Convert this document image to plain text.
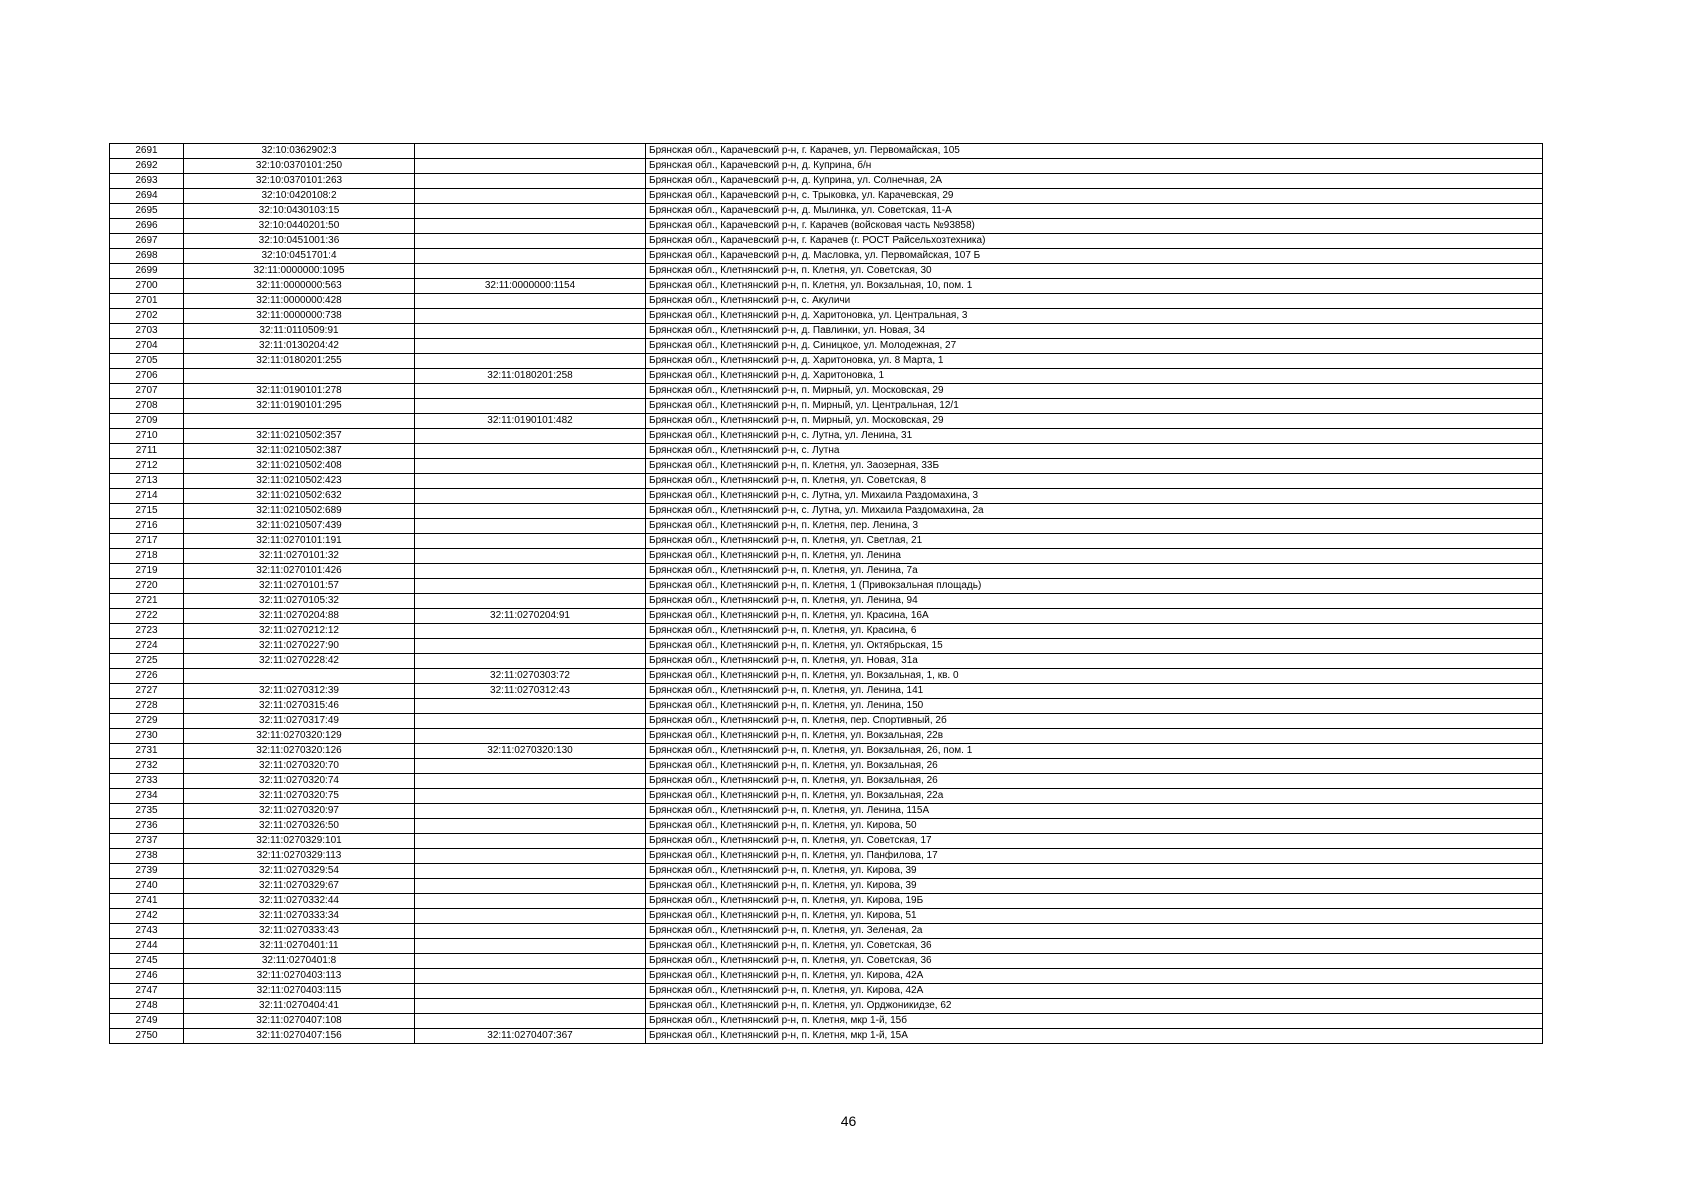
2691	32:10:0362902:3		Брянская обл., Карачевский р-н, г. Карачев, ул. Первомайская, 105
2692	32:10:0370101:250		Брянская обл., Карачевский р-н, д. Куприна, б/н
2693	32:10:0370101:263		Брянская обл., Карачевский р-н, д. Куприна, ул. Солнечная, 2А
2694	32:10:0420108:2		Брянская обл., Карачевский р-н, с. Трыковка, ул. Карачевская, 29
2695	32:10:0430103:15		Брянская обл., Карачевский р-н, д. Мылинка, ул. Советская, 11-А
2696	32:10:0440201:50		Брянская обл., Карачевский р-н, г. Карачев (войсковая часть №93858)
2697	32:10:0451001:36		Брянская обл., Карачевский р-н, г. Карачев (г. РОСТ Райсельхозтехника)
2698	32:10:0451701:4		Брянская обл., Карачевский р-н, д. Масловка, ул. Первомайская, 107 Б
2699	32:11:0000000:1095		Брянская обл., Клетнянский р-н, п. Клетня, ул. Советская, 30
2700	32:11:0000000:563	32:11:0000000:1154	Брянская обл., Клетнянский р-н, п. Клетня, ул. Вокзальная, 10, пом. 1
2701	32:11:0000000:428		Брянская обл., Клетнянский р-н, с. Акуличи
2702	32:11:0000000:738		Брянская обл., Клетнянский р-н, д. Харитоновка, ул. Центральная, 3
2703	32:11:0110509:91		Брянская обл., Клетнянский р-н, д. Павлинки, ул. Новая, 34
2704	32:11:0130204:42		Брянская обл., Клетнянский р-н, д. Синицкое, ул. Молодежная, 27
2705	32:11:0180201:255		Брянская обл., Клетнянский р-н, д. Харитоновка, ул. 8 Марта, 1
2706		32:11:0180201:258	Брянская обл., Клетнянский р-н, д. Харитоновка, 1
2707	32:11:0190101:278		Брянская обл., Клетнянский р-н, п. Мирный, ул. Московская, 29
2708	32:11:0190101:295		Брянская обл., Клетнянский р-н, п. Мирный, ул. Центральная, 12/1
2709		32:11:0190101:482	Брянская обл., Клетнянский р-н, п. Мирный, ул. Московская, 29
2710	32:11:0210502:357		Брянская обл., Клетнянский р-н, с. Лутна, ул. Ленина, 31
2711	32:11:0210502:387		Брянская обл., Клетнянский р-н, с. Лутна
2712	32:11:0210502:408		Брянская обл., Клетнянский р-н, п. Клетня, ул. Заозерная, 33Б
2713	32:11:0210502:423		Брянская обл., Клетнянский р-н, п. Клетня, ул. Советская, 8
2714	32:11:0210502:632		Брянская обл., Клетнянский р-н, с. Лутна, ул. Михаила Раздомахина, 3
2715	32:11:0210502:689		Брянская обл., Клетнянский р-н, с. Лутна, ул. Михаила Раздомахина, 2а
2716	32:11:0210507:439		Брянская обл., Клетнянский р-н, п. Клетня, пер. Ленина, 3
2717	32:11:0270101:191		Брянская обл., Клетнянский р-н, п. Клетня, ул. Светлая, 21
2718	32:11:0270101:32		Брянская обл., Клетнянский р-н, п. Клетня, ул. Ленина
2719	32:11:0270101:426		Брянская обл., Клетнянский р-н, п. Клетня, ул. Ленина, 7а
2720	32:11:0270101:57		Брянская обл., Клетнянский р-н, п. Клетня, 1 (Привокзальная площадь)
2721	32:11:0270105:32		Брянская обл., Клетнянский р-н, п. Клетня, ул. Ленина, 94
2722	32:11:0270204:88	32:11:0270204:91	Брянская обл., Клетнянский р-н, п. Клетня, ул. Красина, 16А
2723	32:11:0270212:12		Брянская обл., Клетнянский р-н, п. Клетня, ул. Красина, 6
2724	32:11:0270227:90		Брянская обл., Клетнянский р-н, п. Клетня, ул. Октябрьская, 15
2725	32:11:0270228:42		Брянская обл., Клетнянский р-н, п. Клетня, ул. Новая, 31а
2726		32:11:0270303:72	Брянская обл., Клетнянский р-н, п. Клетня, ул. Вокзальная, 1, кв. 0
2727	32:11:0270312:39	32:11:0270312:43	Брянская обл., Клетнянский р-н, п. Клетня, ул. Ленина, 141
2728	32:11:0270315:46		Брянская обл., Клетнянский р-н, п. Клетня, ул. Ленина, 150
2729	32:11:0270317:49		Брянская обл., Клетнянский р-н, п. Клетня, пер. Спортивный, 2б
2730	32:11:0270320:129		Брянская обл., Клетнянский р-н, п. Клетня, ул. Вокзальная, 22в
2731	32:11:0270320:126	32:11:0270320:130	Брянская обл., Клетнянский р-н, п. Клетня, ул. Вокзальная, 26, пом. 1
2732	32:11:0270320:70		Брянская обл., Клетнянский р-н, п. Клетня, ул. Вокзальная, 26
2733	32:11:0270320:74		Брянская обл., Клетнянский р-н, п. Клетня, ул. Вокзальная, 26
2734	32:11:0270320:75		Брянская обл., Клетнянский р-н, п. Клетня, ул. Вокзальная, 22а
2735	32:11:0270320:97		Брянская обл., Клетнянский р-н, п. Клетня, ул. Ленина, 115А
2736	32:11:0270326:50		Брянская обл., Клетнянский р-н, п. Клетня, ул. Кирова, 50
2737	32:11:0270329:101		Брянская обл., Клетнянский р-н, п. Клетня, ул. Советская, 17
2738	32:11:0270329:113		Брянская обл., Клетнянский р-н, п. Клетня, ул. Панфилова, 17
2739	32:11:0270329:54		Брянская обл., Клетнянский р-н, п. Клетня, ул. Кирова, 39
2740	32:11:0270329:67		Брянская обл., Клетнянский р-н, п. Клетня, ул. Кирова, 39
2741	32:11:0270332:44		Брянская обл., Клетнянский р-н, п. Клетня, ул. Кирова, 19Б
2742	32:11:0270333:34		Брянская обл., Клетнянский р-н, п. Клетня, ул. Кирова, 51
2743	32:11:0270333:43		Брянская обл., Клетнянский р-н, п. Клетня, ул. Зеленая, 2а
2744	32:11:0270401:11		Брянская обл., Клетнянский р-н, п. Клетня, ул. Советская, 36
2745	32:11:0270401:8		Брянская обл., Клетнянский р-н, п. Клетня, ул. Советская, 36
2746	32:11:0270403:113		Брянская обл., Клетнянский р-н, п. Клетня, ул. Кирова, 42А
2747	32:11:0270403:115		Брянская обл., Клетнянский р-н, п. Клетня, ул. Кирова, 42А
2748	32:11:0270404:41		Брянская обл., Клетнянский р-н, п. Клетня, ул. Орджоникидзе, 62
2749	32:11:0270407:108		Брянская обл., Клетнянский р-н, п. Клетня, мкр 1-й, 15б
2750	32:11:0270407:156	32:11:0270407:367	Брянская обл., Клетнянский р-н, п. Клетня, мкр 1-й, 15А
46
